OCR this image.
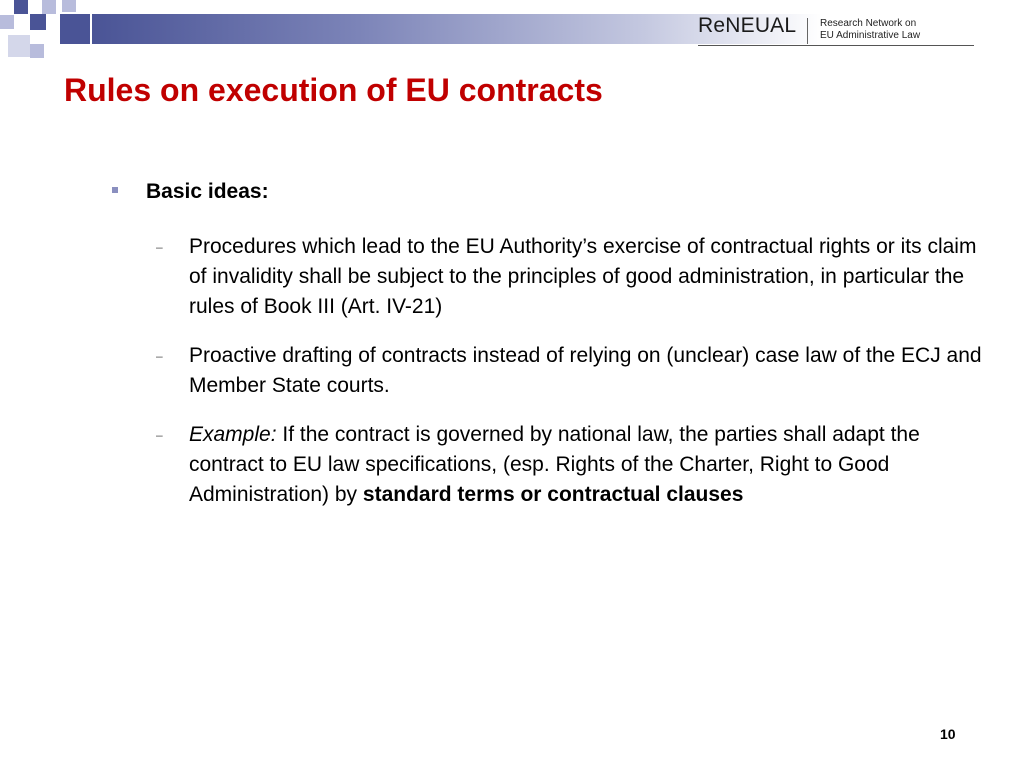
ReNEUAL Research Network on
EU Administrative Law
Rules on execution of EU contracts
Basic ideas:
– Procedures which lead to the EU Authority’s exercise of contractual rights or its claim of invalidity shall be subject to the principles of good administration, in particular the rules of Book III (Art. IV-21)
– Proactive drafting of contracts instead of relying on (unclear) case law of the ECJ and Member State courts.
– Example: If the contract is governed by national law, the parties shall adapt the contract to EU law specifications, (esp. Rights of the Charter, Right to Good Administration) by standard terms or contractual clauses
10
